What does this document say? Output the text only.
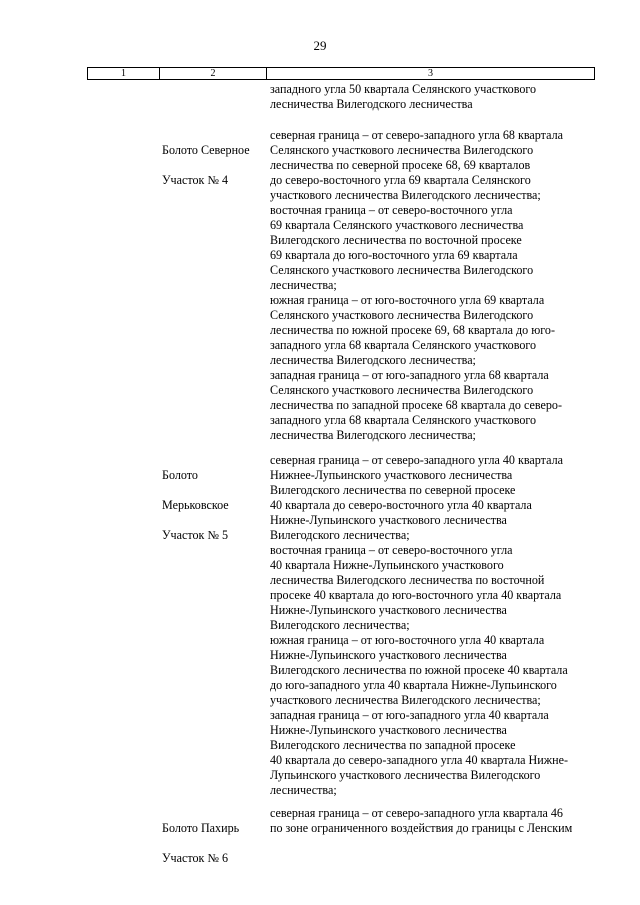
29
1	2	3
западного угла 50 квартала Селянского участкового
лесничества Вилегодского лесничества

Болото Северное

Участок № 4

северная граница – от северо-западного угла 68 квартала
Селянского участкового лесничества Вилегодского
лесничества по северной просеке 68, 69 кварталов
до северо-восточного угла 69 квартала Селянского
участкового лесничества Вилегодского лесничества;
восточная граница – от северо-восточного угла
69 квартала Селянского участкового лесничества
Вилегодского лесничества по восточной просеке
69 квартала до юго-восточного угла 69 квартала
Селянского участкового лесничества Вилегодского
лесничества;
южная граница – от юго-восточного угла 69 квартала
Селянского участкового лесничества Вилегодского
лесничества по южной просеке 69, 68 квартала до юго-
западного угла 68 квартала Селянского участкового
лесничества Вилегодского лесничества;
западная граница – от юго-западного угла 68 квартала
Селянского участкового лесничества Вилегодского
лесничества по западной просеке 68 квартала до северо-
западного угла 68 квартала Селянского участкового
лесничества Вилегодского лесничества;

Болото

Мерьковское

Участок № 5

северная граница – от северо-западного угла 40 квартала
Нижнее-Лупьинского участкового лесничества
Вилегодского лесничества по северной просеке
40 квартала до северо-восточного угла 40 квартала
Нижне-Лупьинского участкового лесничества
Вилегодского лесничества;
восточная граница – от северо-восточного угла
40 квартала Нижне-Лупьинского участкового
лесничества Вилегодского лесничества по восточной
просеке 40 квартала до юго-восточного угла 40 квартала
Нижне-Лупьинского участкового лесничества
Вилегодского лесничества;
южная граница – от юго-восточного угла 40 квартала
Нижне-Лупьинского участкового лесничества
Вилегодского лесничества по южной просеке 40 квартала
до юго-западного угла 40 квартала Нижне-Лупьинского
участкового лесничества Вилегодского лесничества;
западная граница – от юго-западного угла 40 квартала
Нижне-Лупьинского участкового лесничества
Вилегодского лесничества по западной просеке
40 квартала до северо-западного угла 40 квартала Нижне-
Лупьинского участкового лесничества Вилегодского
лесничества;

Болото Пахирь

Участок № 6

северная граница – от северо-западного угла квартала 46
по зоне ограниченного воздействия до границы с Ленским
